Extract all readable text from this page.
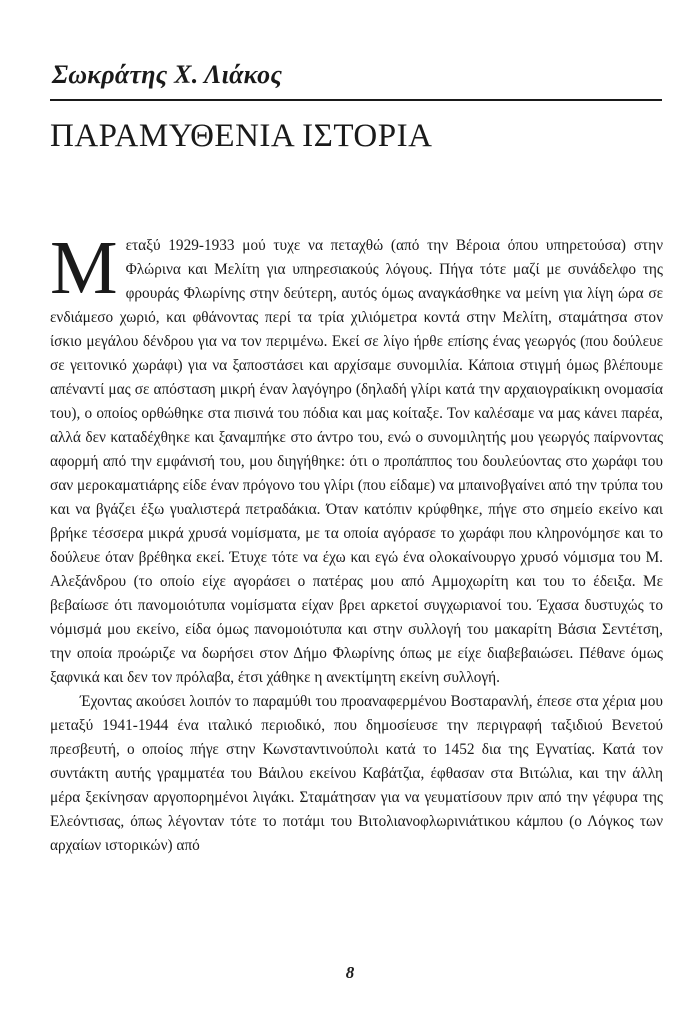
Σωκράτης Χ. Λιάκος
ΠΑΡΑΜΥΘΕΝΙΑ ΙΣΤΟΡΙΑ

Mεταξύ 1929-1933 μού τυχε να πεταχθώ (από την Βέροια όπου υπηρετούσα) στην Φλώρινα και Μελίτη για υπηρεσιακούς λόγους. Πήγα τότε μαζί με συνάδελφο της φρουράς Φλωρίνης στην δεύτερη, αυτός όμως αναγκάσθηκε να μείνη για λίγη ώρα σε ενδιάμεσο χωριό, και φθάνοντας περί τα τρία χιλιόμετρα κοντά στην Μελίτη, σταμάτησα στον ίσκιο μεγάλου δένδρου για να τον περιμένω. Εκεί σε λίγο ήρθε επίσης ένας γεωργός (που δούλευε σε γειτονικό χωράφι) για να ξαποστάσει και αρχίσαμε συνομιλία. Κάποια στιγμή όμως βλέπουμε απέναντί μας σε απόσταση μικρή έναν λαγόγηρο (δηλαδή γλίρι κατά την αρχαιογραίκικη ονομασία του), ο οποίος ορθώθηκε στα πισινά του πόδια και μας κοίταξε. Τον καλέσαμε να μας κάνει παρέα, αλλά δεν καταδέχθηκε και ξαναμπήκε στο άντρο του, ενώ ο συνομιλητής μου γεωργός παίρνοντας αφορμή από την εμφάνισή του, μου διηγήθηκε: ότι ο προπάππος του δουλεύοντας στο χωράφι του σαν μεροκαματιάρης είδε έναν πρόγονο του γλίρι (που είδαμε) να μπαινοβγαίνει από την τρύπα του και να βγάζει έξω γυαλιστερά πετραδάκια. Όταν κατόπιν κρύφθηκε, πήγε στο σημείο εκείνο και βρήκε τέσσερα μικρά χρυσά νομίσματα, με τα οποία αγόρασε το χωράφι που κληρονόμησε και το δούλευε όταν βρέθηκα εκεί. Έτυχε τότε να έχω και εγώ ένα ολοκαίνουργο χρυσό νόμισμα του Μ. Αλεξάνδρου (το οποίο είχε αγοράσει ο πατέρας μου από Αμμοχωρίτη και του το έδειξα. Με βεβαίωσε ότι πανομοιότυπα νομίσματα είχαν βρει αρκετοί συγχωριανοί του. Έχασα δυστυχώς το νόμισμά μου εκείνο, είδα όμως πανομοιότυπα και στην συλλογή του μακαρίτη Βάσια Σεντέτση, την οποία προώριζε να δωρήσει στον Δήμο Φλωρίνης όπως με είχε διαβεβαιώσει. Πέθανε όμως ξαφνικά και δεν τον πρόλαβα, έτσι χάθηκε η ανεκτίμητη εκείνη συλλογή.

Έχοντας ακούσει λοιπόν το παραμύθι του προαναφερμένου Βοσταρανλή, έπεσε στα χέρια μου μεταξύ 1941-1944 ένα ιταλικό περιοδικό, που δημοσίευσε την περιγραφή ταξιδιού Βενετού πρεσβευτή, ο οποίος πήγε στην Κωνσταντινούπολι κατά το 1452 δια της Εγνατίας. Κατά τον συντάκτη αυτής γραμματέα του Βάιλου εκείνου Καβάτζια, έφθασαν στα Βιτώλια, και την άλλη μέρα ξεκίνησαν αργοπορημένοι λιγάκι. Σταμάτησαν για να γευματίσουν πριν από την γέφυρα της Ελεόντισας, όπως λέγονταν τότε το ποτάμι του Βιτολιανοφλωρινιάτικου κάμπου (ο Λόγκος των αρχαίων ιστορικών) από

8
